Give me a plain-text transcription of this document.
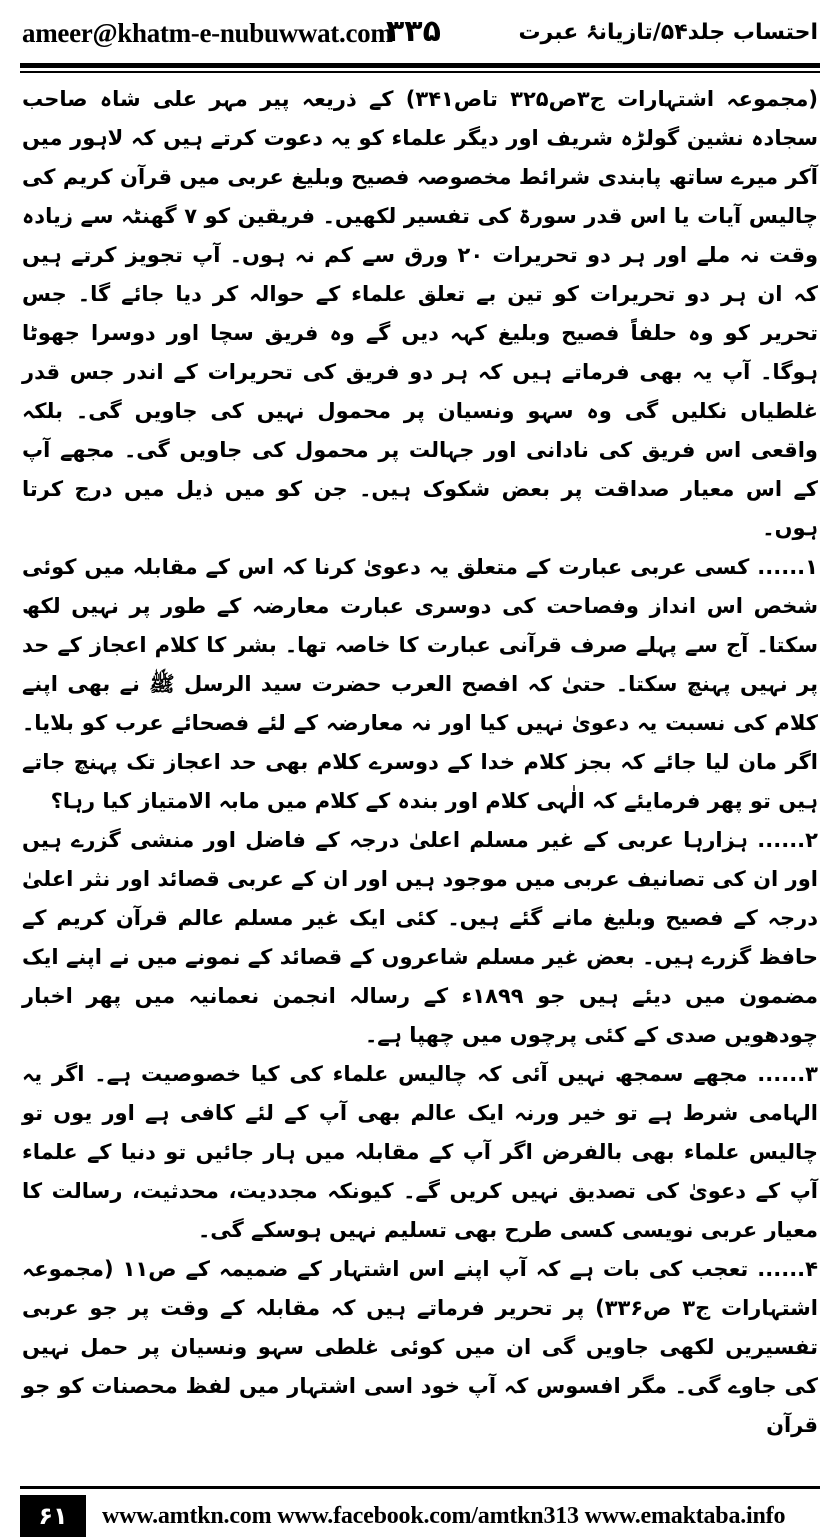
ameer@khatm-e-nubuwwat.com
۳۳۵	احتساب جلد۵۴/تازیانۂ عبرت

(مجموعہ اشتہارات ج۳ص۳۲۵ تاص۳۴۱) کے ذریعہ پیر مہر علی شاہ صاحب سجادہ نشین گولڑہ شریف اور دیگر علماء کو یہ دعوت کرتے ہیں کہ لاہور میں آکر میرے ساتھ پابندی شرائط مخصوصہ فصیح وبلیغ عربی میں قرآن کریم کی چالیس آیات یا اس قدر سورۃ کی تفسیر لکھیں۔ فریقین کو ۷ گھنٹہ سے زیادہ وقت نہ ملے اور ہر دو تحریرات ۲۰ ورق سے کم نہ ہوں۔ آپ تجویز کرتے ہیں کہ ان ہر دو تحریرات کو تین بے تعلق علماء کے حوالہ کر دیا جائے گا۔ جس تحریر کو وہ حلفاً فصیح وبلیغ کہہ دیں گے وہ فریق سچا اور دوسرا جھوٹا ہوگا۔ آپ یہ بھی فرماتے ہیں کہ ہر دو فریق کی تحریرات کے اندر جس قدر غلطیاں نکلیں گی وہ سہو ونسیان پر محمول نہیں کی جاویں گی۔ بلکہ واقعی اس فریق کی نادانی اور جہالت پر محمول کی جاویں گی۔ مجھے آپ کے اس معیار صداقت پر بعض شکوک ہیں۔ جن کو میں ذیل میں درج کرتا ہوں۔

۱...... کسی عربی عبارت کے متعلق یہ دعویٰ کرنا کہ اس کے مقابلہ میں کوئی شخص اس انداز وفصاحت کی دوسری عبارت معارضہ کے طور پر نہیں لکھ سکتا۔ آج سے پہلے صرف قرآنی عبارت کا خاصہ تھا۔ بشر کا کلام اعجاز کے حد پر نہیں پہنچ سکتا۔ حتیٰ کہ افصح العرب حضرت سید الرسل ﷺ نے بھی اپنے کلام کی نسبت یہ دعویٰ نہیں کیا اور نہ معارضہ کے لئے فصحائے عرب کو بلایا۔ اگر مان لیا جائے کہ بجز کلام خدا کے دوسرے کلام بھی حد اعجاز تک پہنچ جاتے ہیں تو پھر فرمایئے کہ الٰہی کلام اور بندہ کے کلام میں مابہ الامتیاز کیا رہا؟

۲...... ہزارہا عربی کے غیر مسلم اعلیٰ درجہ کے فاضل اور منشی گزرے ہیں اور ان کی تصانیف عربی میں موجود ہیں اور ان کے عربی قصائد اور نثر اعلیٰ درجہ کے فصیح وبلیغ مانے گئے ہیں۔ کئی ایک غیر مسلم عالم قرآن کریم کے حافظ گزرے ہیں۔ بعض غیر مسلم شاعروں کے قصائد کے نمونے میں نے اپنے ایک مضمون میں دیئے ہیں جو ۱۸۹۹ء کے رسالہ انجمن نعمانیہ میں پھر اخبار چودھویں صدی کے کئی پرچوں میں چھپا ہے۔

۳...... مجھے سمجھ نہیں آئی کہ چالیس علماء کی کیا خصوصیت ہے۔ اگر یہ الہامی شرط ہے تو خیر ورنہ ایک عالم بھی آپ کے لئے کافی ہے اور یوں تو چالیس علماء بھی بالفرض اگر آپ کے مقابلہ میں ہار جائیں تو دنیا کے علماء آپ کے دعویٰ کی تصدیق نہیں کریں گے۔ کیونکہ مجددیت، محدثیت، رسالت کا معیار عربی نویسی کسی طرح بھی تسلیم نہیں ہوسکے گی۔

۴...... تعجب کی بات ہے کہ آپ اپنے اس اشتہار کے ضمیمہ کے ص۱۱ (مجموعہ اشتہارات ج۳ ص۳۳۶) پر تحریر فرماتے ہیں کہ مقابلہ کے وقت پر جو عربی تفسیریں لکھی جاویں گی ان میں کوئی غلطی سہو ونسیان پر حمل نہیں کی جاوے گی۔ مگر افسوس کہ آپ خود اسی اشتہار میں لفظ محصنات کو جو قرآن

۶۱	www.amtkn.com www.facebook.com/amtkn313 www.emaktaba.info
